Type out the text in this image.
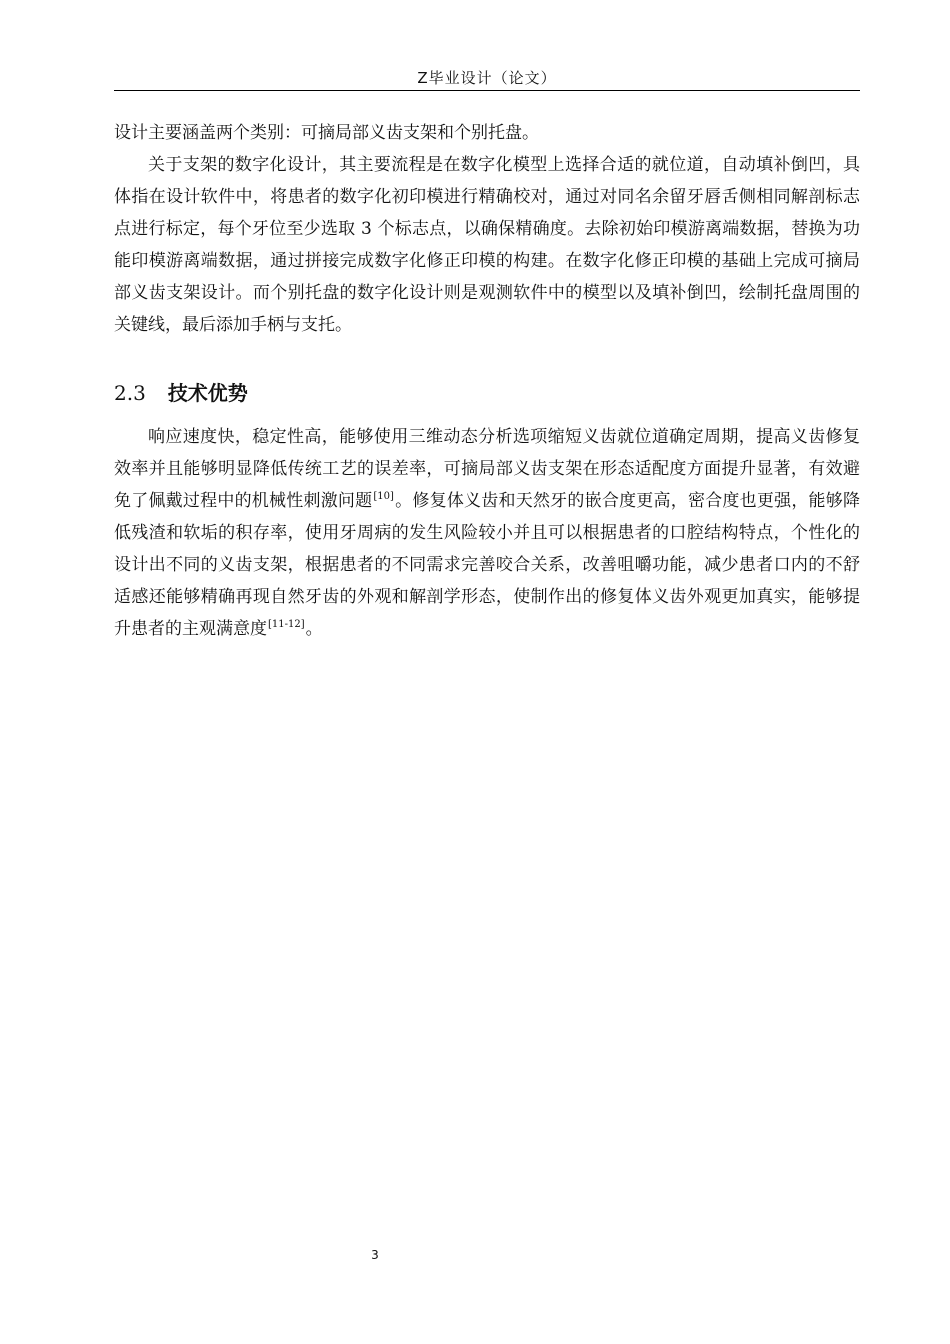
Z毕业设计（论文）

设计主要涵盖两个类别：可摘局部义齿支架和个别托盘。

关于支架的数字化设计，其主要流程是在数字化模型上选择合适的就位道，自动填补倒凹，具体指在设计软件中，将患者的数字化初印模进行精确校对，通过对同名余留牙唇舌侧相同解剖标志点进行标定，每个牙位至少选取 3 个标志点，以确保精确度。去除初始印模游离端数据，替换为功能印模游离端数据，通过拼接完成数字化修正印模的构建。在数字化修正印模的基础上完成可摘局部义齿支架设计。而个别托盘的数字化设计则是观测软件中的模型以及填补倒凹，绘制托盘周围的关键线，最后添加手柄与支托。

2.3 技术优势

响应速度快，稳定性高，能够使用三维动态分析选项缩短义齿就位道确定周期，提高义齿修复效率并且能够明显降低传统工艺的误差率，可摘局部义齿支架在形态适配度方面提升显著，有效避免了佩戴过程中的机械性刺激问题[10]。修复体义齿和天然牙的嵌合度更高，密合度也更强，能够降低残渣和软垢的积存率，使用牙周病的发生风险较小并且可以根据患者的口腔结构特点，个性化的设计出不同的义齿支架，根据患者的不同需求完善咬合关系，改善咀嚼功能，减少患者口内的不舒适感还能够精确再现自然牙齿的外观和解剖学形态，使制作出的修复体义齿外观更加真实，能够提升患者的主观满意度[11-12]。

3
